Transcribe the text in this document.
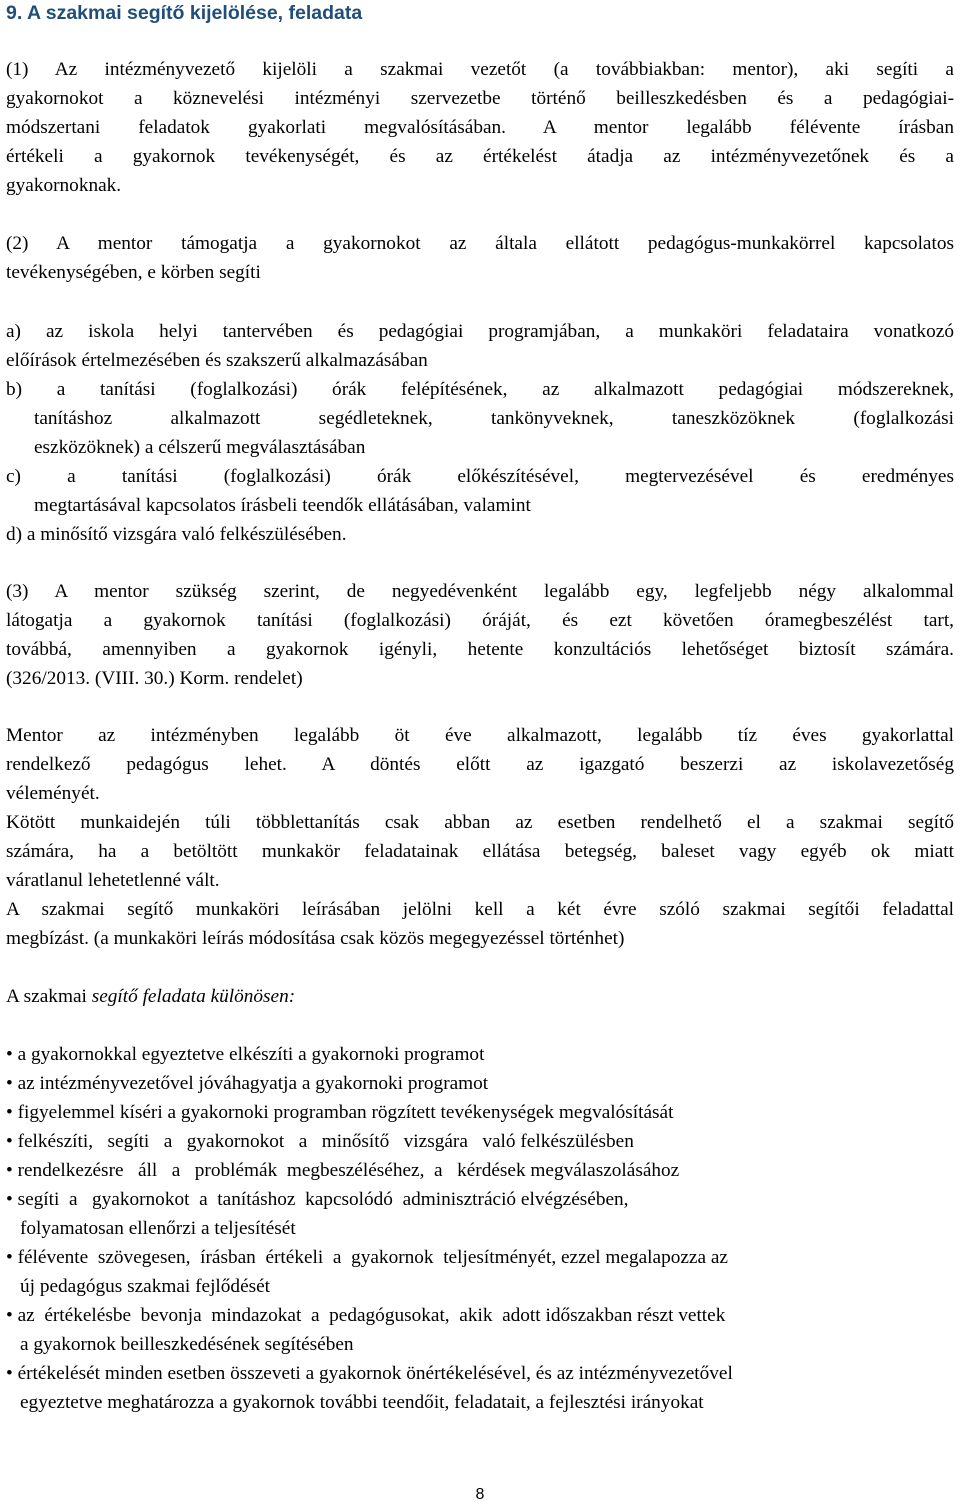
9. A szakmai segítő kijelölése, feladata
(1) Az intézményvezető kijelöli a szakmai vezetőt (a továbbiakban: mentor), aki segíti a
gyakornokot a köznevelési intézményi szervezetbe történő beilleszkedésben és a pedagógiai-
módszertani feladatok gyakorlati megvalósításában. A mentor legalább félévente írásban
értékeli a gyakornok tevékenységét, és az értékelést átadja az intézményvezetőnek és a
gyakornoknak.
(2) A mentor támogatja a gyakornokot az általa ellátott pedagógus-munkakörrel kapcsolatos
tevékenységében, e körben segíti
a) az iskola helyi tantervében és pedagógiai programjában, a munkaköri feladataira vonatkozó
előírások értelmezésében és szakszerű alkalmazásában
b) a tanítási (foglalkozási) órák felépítésének, az alkalmazott pedagógiai módszereknek,
tanításhoz alkalmazott segédleteknek, tankönyveknek, taneszközöknek (foglalkozási
eszközöknek) a célszerű megválasztásában
c) a tanítási (foglalkozási) órák előkészítésével, megtervezésével és eredményes
megtartásával kapcsolatos írásbeli teendők ellátásában, valamint
d) a minősítő vizsgára való felkészülésében.
(3) A mentor szükség szerint, de negyedévenként legalább egy, legfeljebb négy alkalommal
látogatja a gyakornok tanítási (foglalkozási) óráját, és ezt követően óramegbeszélést tart,
továbbá, amennyiben a gyakornok igényli, hetente konzultációs lehetőséget biztosít számára.
(326/2013. (VIII. 30.) Korm. rendelet)
Mentor az intézményben legalább öt éve alkalmazott, legalább tíz éves gyakorlattal
rendelkező pedagógus lehet. A döntés előtt az igazgató beszerzi az iskolavezetőség
véleményét.
Kötött munkaidején túli többlettanítás csak abban az esetben rendelhető el a szakmai segítő
számára, ha a betöltött munkakör feladatainak ellátása betegség, baleset vagy egyéb ok miatt
váratlanul lehetetlenné vált.
A szakmai segítő munkaköri leírásában jelölni kell a két évre szóló szakmai segítői feladattal
megbízást. (a munkaköri leírás módosítása csak közös megegyezéssel történhet)
A szakmai segítő feladata különösen:
• a gyakornokkal egyeztetve elkészíti a gyakornoki programot
• az intézményvezetővel jóváhagyatja a gyakornoki programot
• figyelemmel kíséri a gyakornoki programban rögzített tevékenységek megvalósítását
• felkészíti,   segíti   a   gyakornokot   a   minősítő   vizsgára   való felkészülésben
• rendelkezésre   áll   a   problémák  megbeszéléséhez,  a   kérdések megválaszolásához
• segíti  a   gyakornokot  a  tanításhoz  kapcsolódó  adminisztráció elvégzésében,
folyamatosan ellenőrzi a teljesítését
• félévente  szövegesen,  írásban  értékeli  a  gyakornok  teljesítményét, ezzel megalapozza az
új pedagógus szakmai fejlődését
• az  értékelésbe  bevonja  mindazokat  a  pedagógusokat,  akik  adott időszakban részt vettek
a gyakornok beilleszkedésének segítésében
• értékelését minden esetben összeveti a gyakornok önértékelésével, és az intézményvezetővel
egyeztetve meghatározza a gyakornok további teendőit, feladatait, a fejlesztési irányokat
8
